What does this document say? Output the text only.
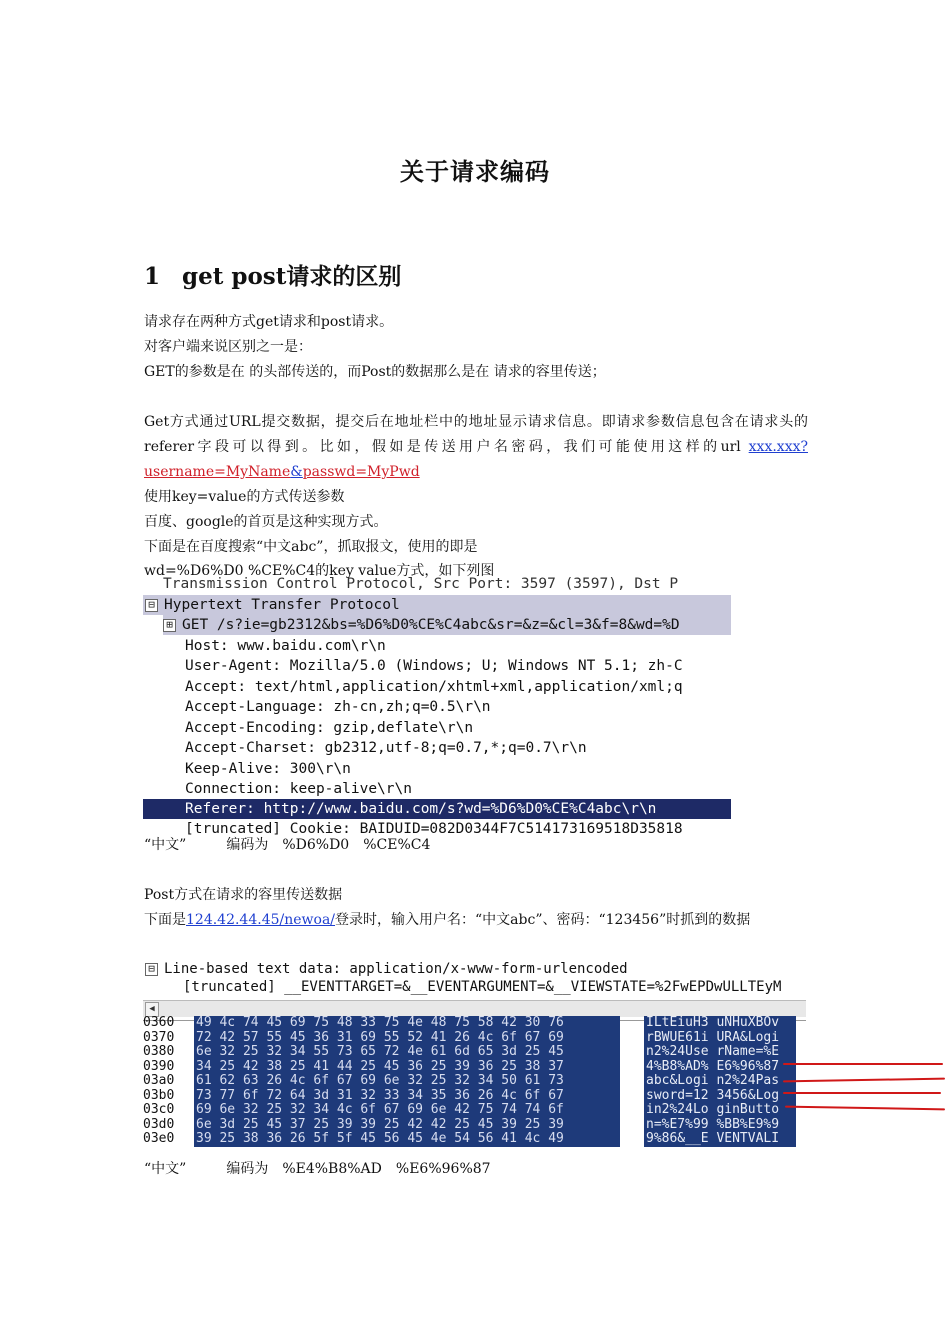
关于请求编码
1 get post请求的区别
请求存在两种方式get请求和post请求。
对客户端来说区别之一是：
GET的参数是在 的头部传送的，而Post的数据那么是在 请求的容里传送；
Get方式通过URL提交数据，提交后在地址栏中的地址显示请求信息。即请求参数信息包含在请求头的referer字段可以得到。比如，假如是传送用户名密码，我们可能使用这样的url xxx.xxx?username=MyName&passwd=MyPwd
使用key=value的方式传送参数
百度、google的首页是这种实现方式。
下面是在百度搜索“中文abc”，抓取报文，使用的即是
wd=%D6%D0 %CE%C4的key value方式，如下列图
Transmission Control Protocol, Src Port: 3597 (3597), Dst P
⊟ Hypertext Transfer Protocol
⊞ GET /s?ie=gb2312&bs=%D6%D0%CE%C4abc&sr=&z=&cl=3&f=8&wd=%D
Host: www.baidu.com\r\n
User-Agent: Mozilla/5.0 (Windows; U; Windows NT 5.1; zh-C
Accept: text/html,application/xhtml+xml,application/xml;q
Accept-Language: zh-cn,zh;q=0.5\r\n
Accept-Encoding: gzip,deflate\r\n
Accept-Charset: gb2312,utf-8;q=0.7,*;q=0.7\r\n
Keep-Alive: 300\r\n
Connection: keep-alive\r\n
Referer: http://www.baidu.com/s?wd=%D6%D0%CE%C4abc\r\n
[truncated] Cookie: BAIDUID=082D0344F7C514173169518D35818
“中文”	编码为 %D6%D0 %CE%C4
Post方式在请求的容里传送数据
下面是124.42.44.45/newoa/登录时，输入用户名：“中文abc”、密码：“123456”时抓到的数据
⊟ Line-based text data: application/x-www-form-urlencoded
[truncated] __EVENTTARGET=&__EVENTARGUMENT=&__VIEWSTATE=%2FwEPDwULLTEyM
◀
0360	49 4c 74 45 69 75 48 33 75 4e 48 75 58 42 30 76	ILtEiuH3 uNHuXBOv
0370	72 42 57 55 45 36 31 69 55 52 41 26 4c 6f 67 69	rBWUE61i URA&Logi
0380	6e 32 25 32 34 55 73 65 72 4e 61 6d 65 3d 25 45	n2%24Use rName=%E
0390	34 25 42 38 25 41 44 25 45 36 25 39 36 25 38 37	4%B8%AD% E6%96%87
03a0	61 62 63 26 4c 6f 67 69 6e 32 25 32 34 50 61 73	abc&Logi n2%24Pas
03b0	73 77 6f 72 64 3d 31 32 33 34 35 36 26 4c 6f 67	sword=12 3456&Log
03c0	69 6e 32 25 32 34 4c 6f 67 69 6e 42 75 74 74 6f	in2%24Lo ginButto
03d0	6e 3d 25 45 37 25 39 39 25 42 42 25 45 39 25 39	n=%E7%99 %BB%E9%9
03e0	39 25 38 36 26 5f 5f 45 56 45 4e 54 56 41 4c 49	9%86&__E VENTVALI
“中文”	编码为 %E4%B8%AD %E6%96%87
